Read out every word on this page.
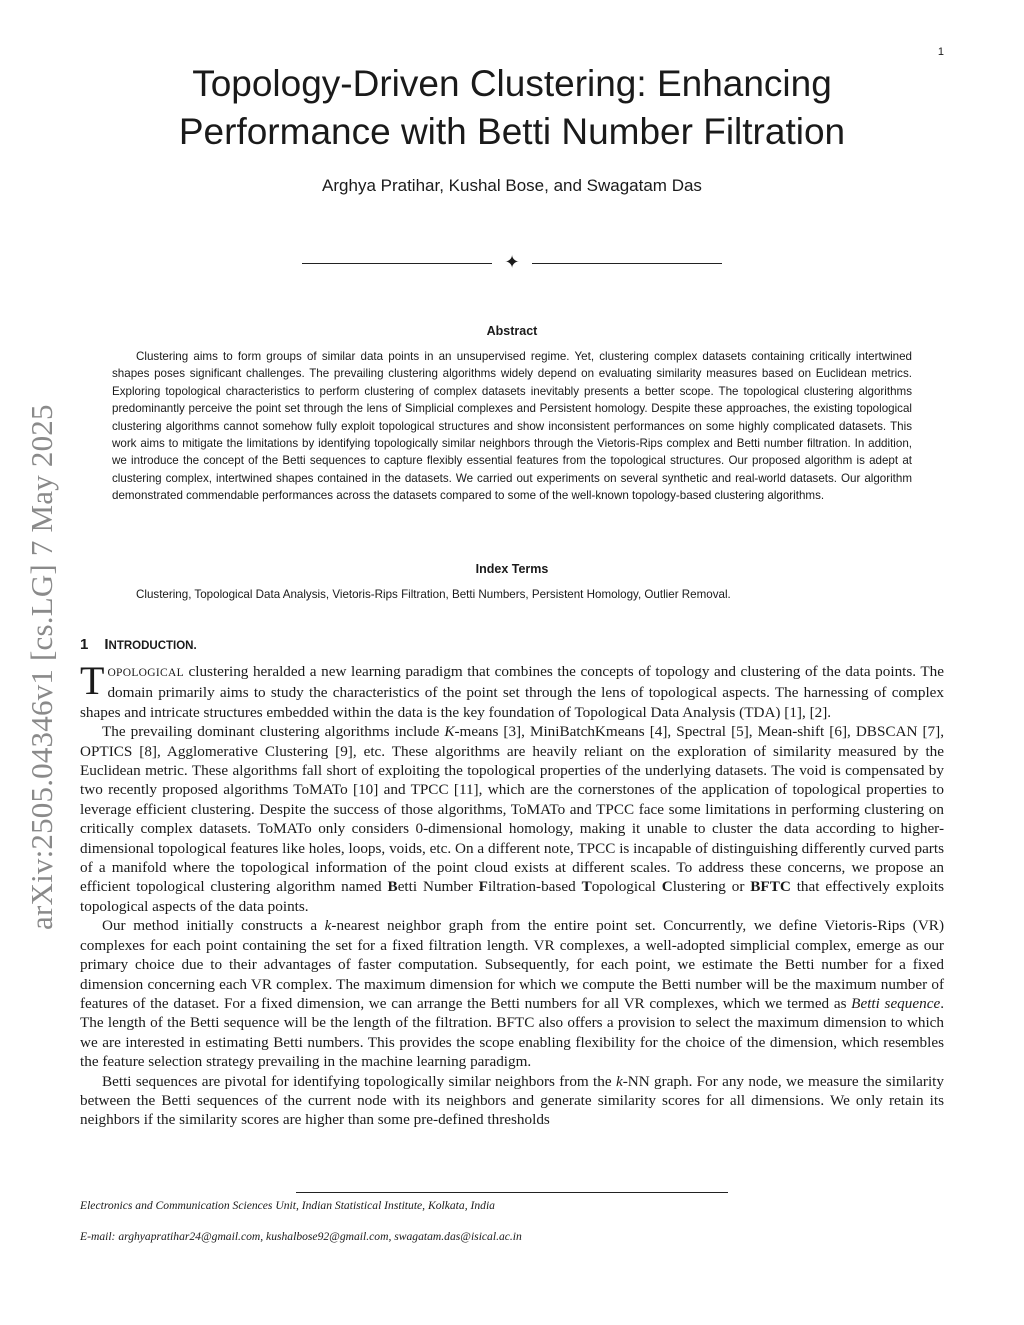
1
arXiv:2505.04346v1 [cs.LG] 7 May 2025
Topology-Driven Clustering: Enhancing
Performance with Betti Number Filtration
Arghya Pratihar, Kushal Bose, and Swagatam Das
✦
Abstract

Clustering aims to form groups of similar data points in an unsupervised regime. Yet, clustering complex datasets containing critically intertwined shapes poses significant challenges. The prevailing clustering algorithms widely depend on evaluating similarity measures based on Euclidean metrics. Exploring topological characteristics to perform clustering of complex datasets inevitably presents a better scope. The topological clustering algorithms predominantly perceive the point set through the lens of Simplicial complexes and Persistent homology. Despite these approaches, the existing topological clustering algorithms cannot somehow fully exploit topological structures and show inconsistent performances on some highly complicated datasets. This work aims to mitigate the limitations by identifying topologically similar neighbors through the Vietoris-Rips complex and Betti number filtration. In addition, we introduce the concept of the Betti sequences to capture flexibly essential features from the topological structures. Our proposed algorithm is adept at clustering complex, intertwined shapes contained in the datasets. We carried out experiments on several synthetic and real-world datasets. Our algorithm demonstrated commendable performances across the datasets compared to some of the well-known topology-based clustering algorithms.

Index Terms

Clustering, Topological Data Analysis, Vietoris-Rips Filtration, Betti Numbers, Persistent Homology, Outlier Removal.

1 INTRODUCTION.

TOPOLOGICAL clustering heralded a new learning paradigm that combines the concepts of topology and clustering of the data points. The domain primarily aims to study the characteristics of the point set through the lens of topological aspects. The harnessing of complex shapes and intricate structures embedded within the data is the key foundation of Topological Data Analysis (TDA) [1], [2].

The prevailing dominant clustering algorithms include K-means [3], MiniBatchKmeans [4], Spectral [5], Mean-shift [6], DBSCAN [7], OPTICS [8], Agglomerative Clustering [9], etc. These algorithms are heavily reliant on the exploration of similarity measured by the Euclidean metric. These algorithms fall short of exploiting the topological properties of the underlying datasets. The void is compensated by two recently proposed algorithms ToMATo [10] and TPCC [11], which are the cornerstones of the application of topological properties to leverage efficient clustering. Despite the success of those algorithms, ToMATo and TPCC face some limitations in performing clustering on critically complex datasets. ToMATo only considers 0-dimensional homology, making it unable to cluster the data according to higher-dimensional topological features like holes, loops, voids, etc. On a different note, TPCC is incapable of distinguishing differently curved parts of a manifold where the topological information of the point cloud exists at different scales. To address these concerns, we propose an efficient topological clustering algorithm named Betti Number Filtration-based Topological Clustering or BFTC that effectively exploits topological aspects of the data points.

Our method initially constructs a k-nearest neighbor graph from the entire point set. Concurrently, we define Vietoris-Rips (VR) complexes for each point containing the set for a fixed filtration length. VR complexes, a well-adopted simplicial complex, emerge as our primary choice due to their advantages of faster computation. Subsequently, for each point, we estimate the Betti number for a fixed dimension concerning each VR complex. The maximum dimension for which we compute the Betti number will be the maximum number of features of the dataset. For a fixed dimension, we can arrange the Betti numbers for all VR complexes, which we termed as Betti sequence. The length of the Betti sequence will be the length of the filtration. BFTC also offers a provision to select the maximum dimension to which we are interested in estimating Betti numbers. This provides the scope enabling flexibility for the choice of the dimension, which resembles the feature selection strategy prevailing in the machine learning paradigm.

Betti sequences are pivotal for identifying topologically similar neighbors from the k-NN graph. For any node, we measure the similarity between the Betti sequences of the current node with its neighbors and generate similarity scores for all dimensions. We only retain its neighbors if the similarity scores are higher than some pre-defined thresholds

Electronics and Communication Sciences Unit, Indian Statistical Institute, Kolkata, India
E-mail: arghyapratihar24@gmail.com, kushalbose92@gmail.com, swagatam.das@isical.ac.in
